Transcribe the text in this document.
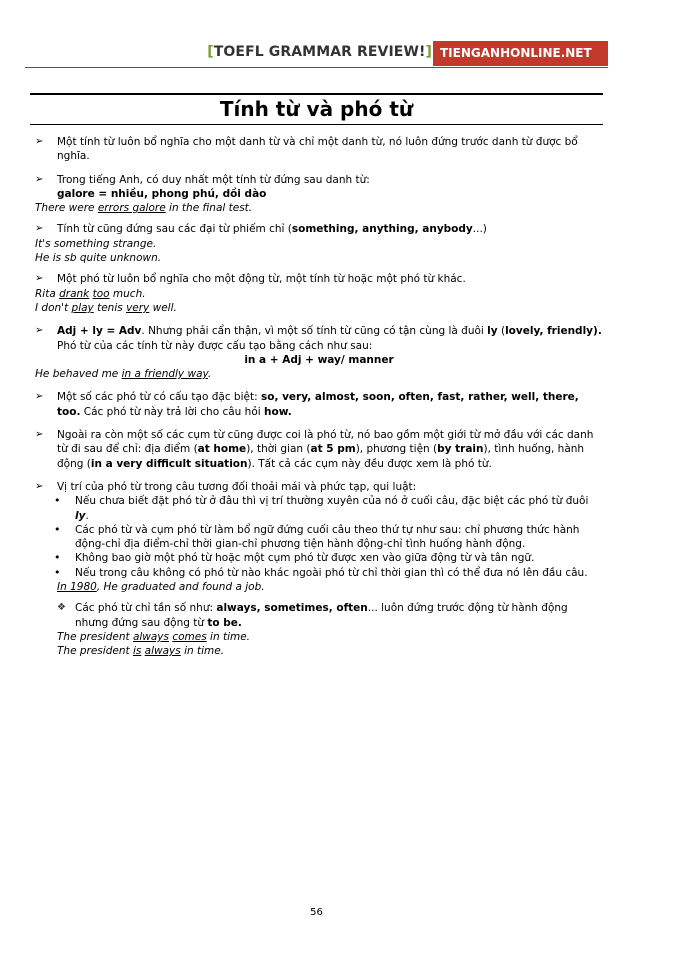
[TOEFL GRAMMAR REVIEW!] TIENGANHONLINE.NET
Tính từ và phó từ
➢ Một tính từ luôn bổ nghĩa cho một danh từ và chỉ một danh từ, nó luôn đứng trước danh từ được bổ nghĩa.
➢ Trong tiếng Anh, có duy nhất một tính từ đứng sau danh từ:
galore = nhiều, phong phú, dồi dào
There were errors galore in the final test.
➢ Tính từ cũng đứng sau các đại từ phiếm chỉ (something, anything, anybody...)
It's something strange.
He is sb quite unknown.
➢ Một phó từ luôn bổ nghĩa cho một động từ, một tính từ hoặc một phó từ khác.
Rita drank too much.
I don't play tenis very well.
➢ Adj + ly = Adv. Nhưng phải cẩn thận, vì một số tính từ cũng có tận cùng là đuôi ly (lovely, friendly).
Phó từ của các tính từ này được cấu tạo bằng cách như sau:
in a + Adj + way/ manner
He behaved me in a friendly way.
➢ Một số các phó từ có cấu tạo đặc biệt: so, very, almost, soon, often, fast, rather, well, there, too. Các phó từ này trả lời cho câu hỏi how.
➢ Ngoài ra còn một số các cụm từ cũng được coi là phó từ, nó bao gồm một giới từ mở đầu với các danh từ đi sau để chỉ: địa điểm (at home), thời gian (at 5 pm), phương tiện (by train), tình huống, hành động (in a very difficult situation). Tất cả các cụm này đều được xem là phó từ.
➢ Vị trí của phó từ trong câu tương đối thoải mái và phức tạp, qui luật:
• Nếu chưa biết đặt phó từ ở đâu thì vị trí thường xuyên của nó ở cuối câu, đặc biệt các phó từ đuôi ly.
• Các phó từ và cụm phó từ làm bổ ngữ đứng cuối câu theo thứ tự như sau: chỉ phương thức hành động-chỉ địa điểm-chỉ thời gian-chỉ phương tiện hành động-chỉ tình huống hành động.
• Không bao giờ một phó từ hoặc một cụm phó từ được xen vào giữa động từ và tân ngữ.
• Nếu trong câu không có phó từ nào khác ngoài phó từ chỉ thời gian thì có thể đưa nó lên đầu câu.
In 1980, He graduated and found a job.
❖ Các phó từ chỉ tần số như: always, sometimes, often... luôn đứng trước động từ hành động nhưng đứng sau động từ to be.
The president always comes in time.
The president is always in time.
56
